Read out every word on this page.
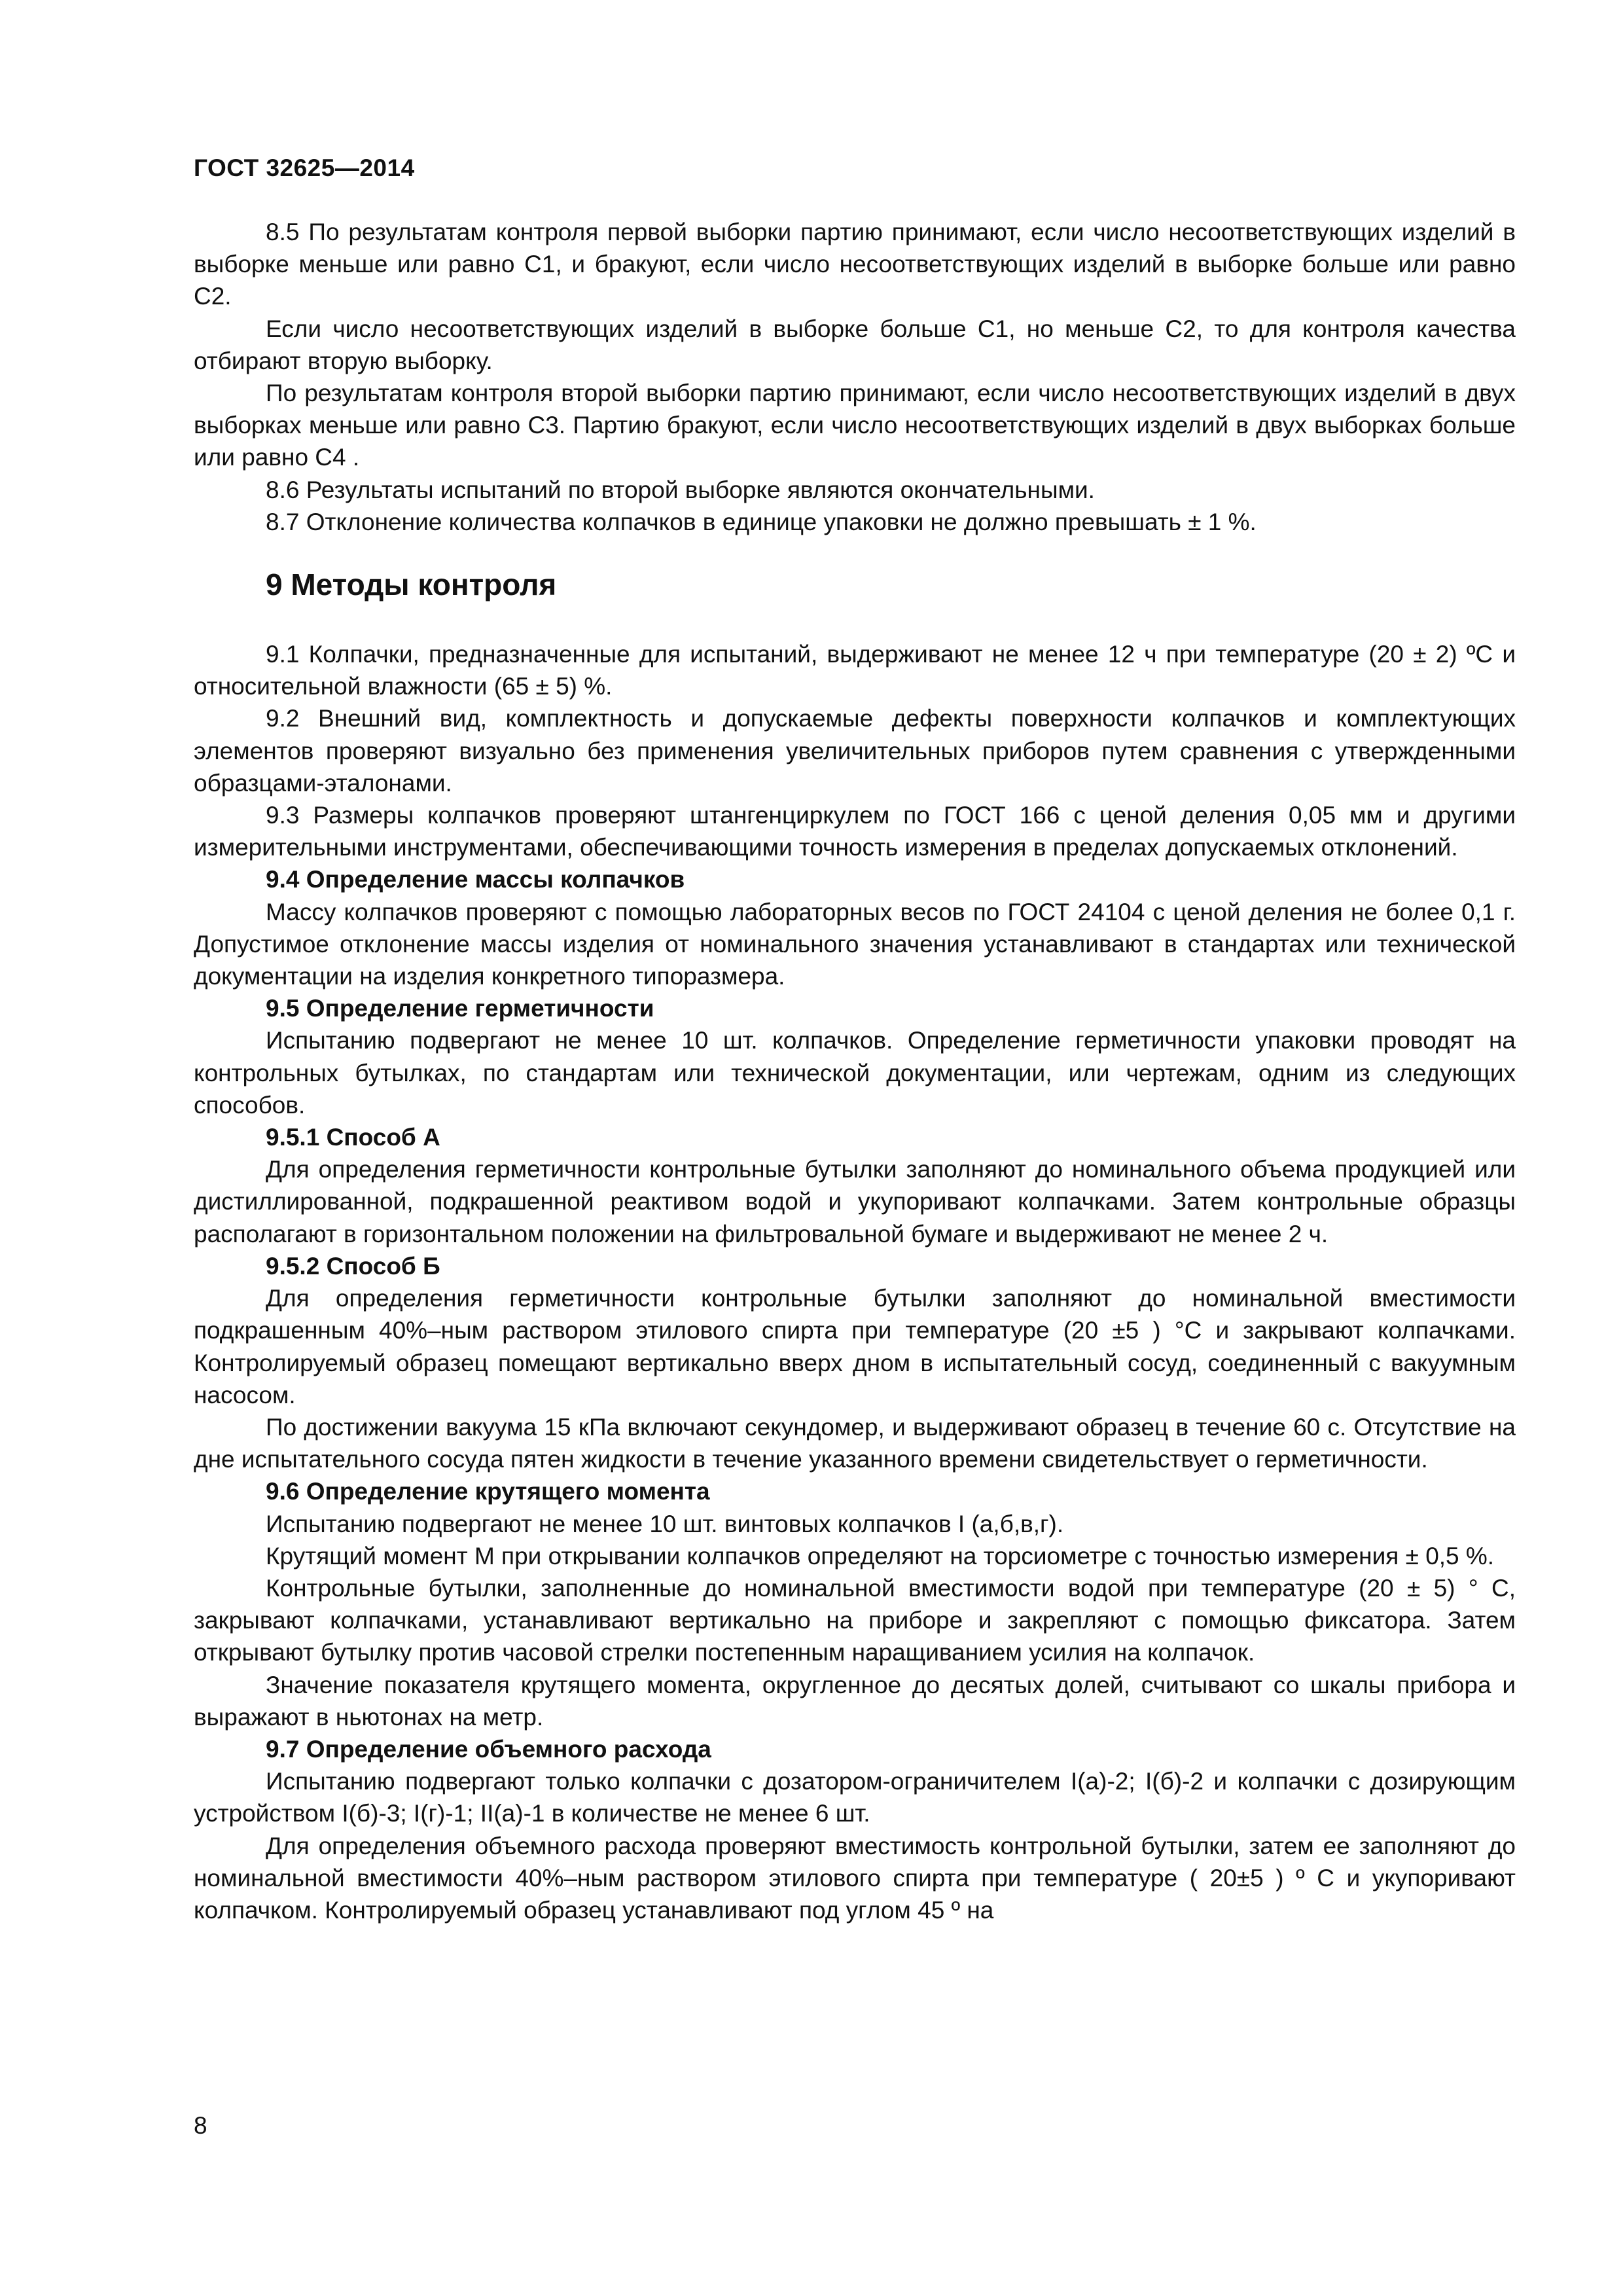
ГОСТ 32625—2014

8.5 По результатам контроля первой выборки партию принимают, если число несоответствующих изделий в выборке меньше или равно С1, и бракуют, если число несоответствующих изделий в выборке больше или равно С2.

Если число несоответствующих изделий в выборке больше С1, но меньше С2, то для контроля качества отбирают вторую выборку.

По результатам контроля второй выборки партию принимают, если число несоответствующих изделий в двух выборках меньше или равно С3. Партию бракуют, если число несоответствующих изделий в двух выборках больше или равно С4 .

8.6 Результаты испытаний по второй выборке являются окончательными.

8.7 Отклонение количества колпачков в единице упаковки не должно превышать ± 1 %.

9 Методы контроля

9.1 Колпачки, предназначенные для испытаний, выдерживают не менее 12 ч при температуре (20 ± 2) ºС и относительной влажности (65 ± 5) %.

9.2 Внешний вид, комплектность и допускаемые дефекты поверхности колпачков и комплектующих элементов проверяют визуально без применения увеличительных приборов путем сравнения с утвержденными образцами-эталонами.

9.3 Размеры колпачков проверяют штангенциркулем по ГОСТ 166 с ценой деления 0,05 мм и другими измерительными инструментами, обеспечивающими точность измерения в пределах допускаемых отклонений.

9.4 Определение массы колпачков

Массу колпачков проверяют с помощью лабораторных весов по ГОСТ 24104 с ценой деления не более 0,1 г. Допустимое отклонение массы изделия от номинального значения устанавливают в стандартах или технической документации на изделия конкретного типоразмера.

9.5 Определение герметичности

Испытанию подвергают не менее 10 шт. колпачков. Определение герметичности упаковки проводят на контрольных бутылках, по стандартам или технической документации, или чертежам, одним из следующих способов.

9.5.1 Способ А

Для определения герметичности контрольные бутылки заполняют до номинального объема продукцией или дистиллированной, подкрашенной реактивом водой и укупоривают колпачками. Затем контрольные образцы располагают в горизонтальном положении на фильтровальной бумаге и выдерживают не менее 2 ч.

9.5.2 Способ Б

Для определения герметичности контрольные бутылки заполняют до номинальной вместимости подкрашенным 40%–ным раствором этилового спирта при температуре (20 ±5 ) °С и закрывают колпачками. Контролируемый образец помещают вертикально вверх дном в испытательный сосуд, соединенный с вакуумным насосом.

По достижении вакуума 15 кПа включают секундомер, и выдерживают образец в течение 60 с. Отсутствие на дне испытательного сосуда пятен жидкости в течение указанного времени свидетельствует о герметичности.

9.6 Определение крутящего момента

Испытанию подвергают не менее 10 шт. винтовых колпачков I (а,б,в,г).

Крутящий момент M при открывании колпачков определяют на торсиометре с точностью измерения ± 0,5 %.

Контрольные бутылки, заполненные до номинальной вместимости водой при температуре (20 ± 5) ° С, закрывают колпачками, устанавливают вертикально на приборе и закрепляют с помощью фиксатора. Затем открывают бутылку против часовой стрелки постепенным наращиванием усилия на колпачок.

Значение показателя крутящего момента, округленное до десятых долей, считывают со шкалы прибора и выражают в ньютонах на метр.

9.7 Определение объемного расхода

Испытанию подвергают только колпачки с дозатором-ограничителем I(а)-2; I(б)-2 и колпачки с дозирующим устройством I(б)-3; I(г)-1; II(а)-1 в количестве не менее 6 шт.

Для определения объемного расхода проверяют вместимость контрольной бутылки, затем ее заполняют до номинальной вместимости 40%–ным раствором этилового спирта при температуре ( 20±5 ) º С и укупоривают колпачком. Контролируемый образец устанавливают под углом 45 º на

8
